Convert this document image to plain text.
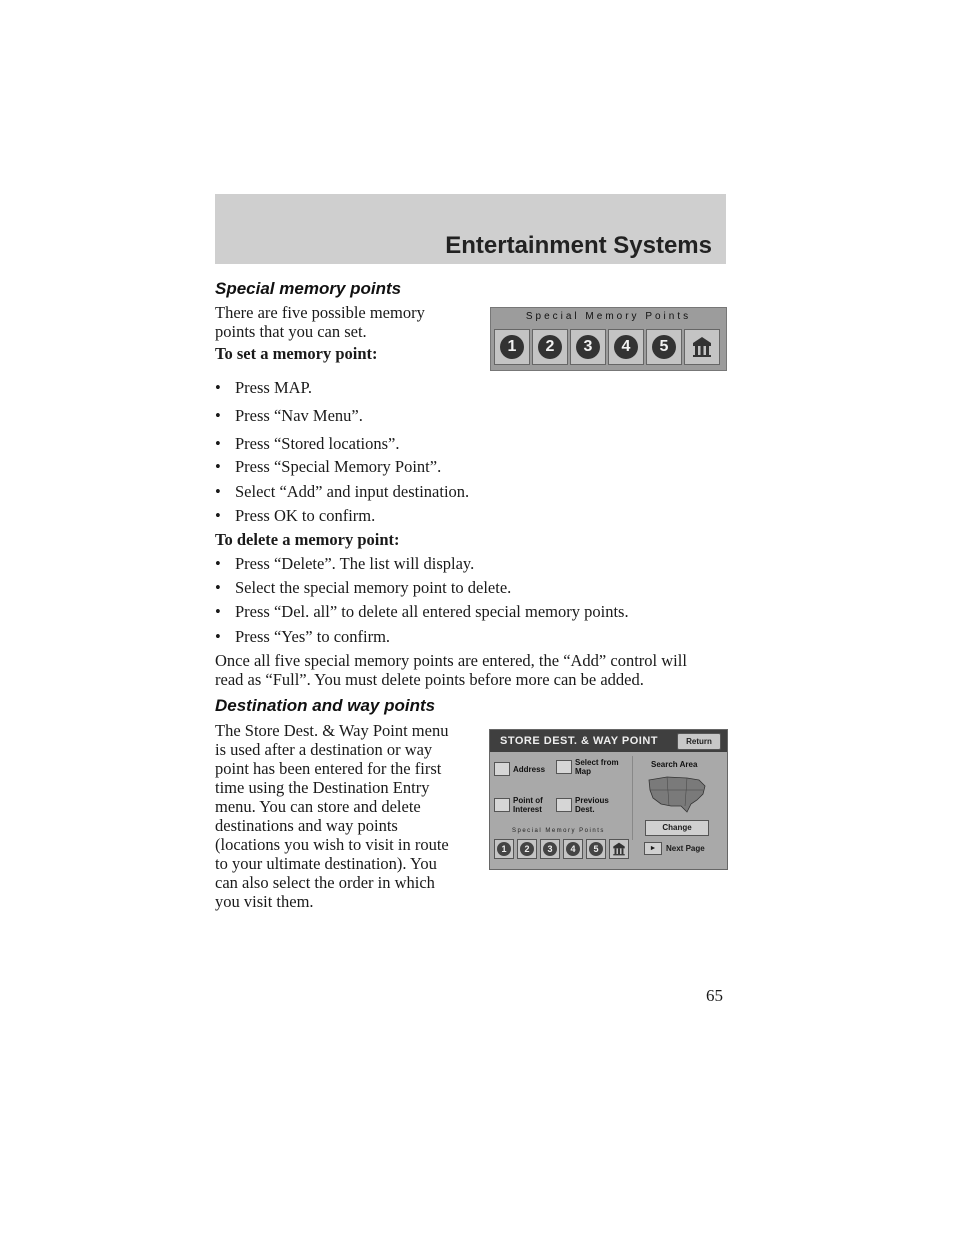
Entertainment Systems
Special memory points
There are five possible memory
points that you can set.
To set a memory point:
• Press MAP.
• Press “Nav Menu”.
• Press “Stored locations”.
• Press “Special Memory Point”.
• Select “Add” and input destination.
• Press OK to confirm.
To delete a memory point:
• Press “Delete”. The list will display.
• Select the special memory point to delete.
• Press “Del. all” to delete all entered special memory points.
• Press “Yes” to confirm.
Once all five special memory points are entered, the “Add” control will
read as “Full”. You must delete points before more can be added.
Special Memory Points
1	2	3	4	5
Destination and way points
The Store Dest. & Way Point menu
is used after a destination or way
point has been entered for the first
time using the Destination Entry
menu. You can store and delete
destinations and way points
(locations you wish to visit in route
to your ultimate destination). You
can also select the order in which
you visit them.
STORE DEST. & WAY POINT	Return
Address
Select from
Map
Point of
Interest
Previous
Dest.
Search Area
Change
Special Memory Points
1	2	3	4	5	►	Next Page
65
